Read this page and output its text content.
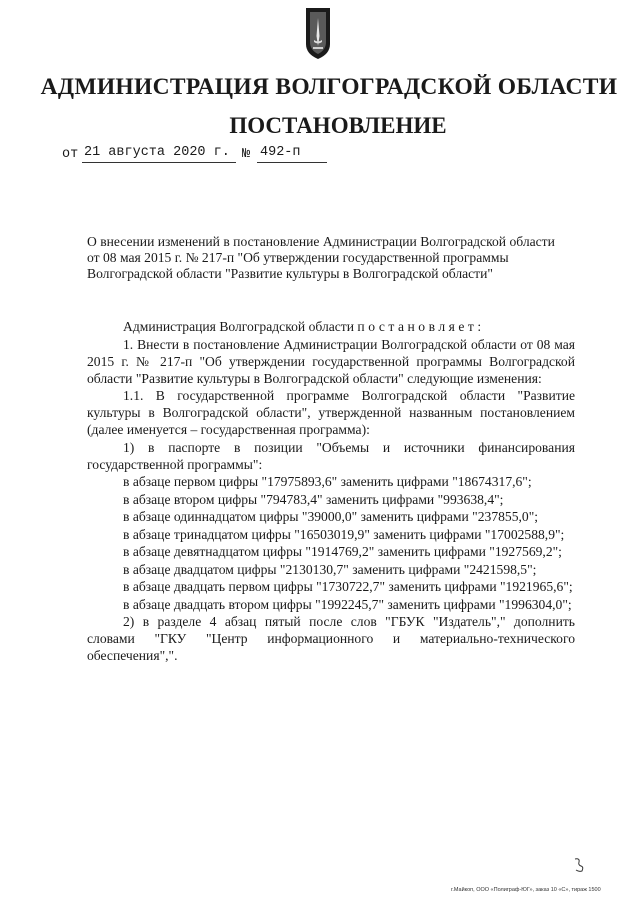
АДМИНИСТРАЦИЯ ВОЛГОГРАДСКОЙ ОБЛАСТИ
ПОСТАНОВЛЕНИЕ
от 21 августа 2020 г. № 492-п

О внесении изменений в постановление Администрации Волгоградской области

от 08 мая 2015 г. № 217-п "Об утверждении государственной программы

Волгоградской области "Развитие культуры в Волгоградской области"

Администрация Волгоградской области постановляет:

1. Внести в постановление Администрации Волгоградской области от 08 мая 2015 г. № 217-п "Об утверждении государственной программы Волгоградской области "Развитие культуры в Волгоградской области" следующие изменения:

1.1. В государственной программе Волгоградской области "Развитие культуры в Волгоградской области", утвержденной названным постановлением (далее именуется – государственная программа):

1) в паспорте в позиции "Объемы и источники финансирования государственной программы":

в абзаце первом цифры "17975893,6" заменить цифрами "18674317,6";

в абзаце втором цифры "794783,4" заменить цифрами "993638,4";

в абзаце одиннадцатом цифры "39000,0" заменить цифрами "237855,0";

в абзаце тринадцатом цифры "16503019,9" заменить цифрами "17002588,9";

в абзаце девятнадцатом цифры "1914769,2" заменить цифрами "1927569,2";

в абзаце двадцатом цифры "2130130,7" заменить цифрами "2421598,5";

в абзаце двадцать первом цифры "1730722,7" заменить цифрами "1921965,6";

в абзаце двадцать втором цифры "1992245,7" заменить цифрами "1996304,0";

2) в разделе 4 абзац пятый после слов "ГБУК "Издатель"," дополнить словами "ГКУ "Центр информационного и материально-технического обеспечения",".

г.Майкоп, ООО «Полиграф-ЮГ», заказ 10 «С», тираж 1500
